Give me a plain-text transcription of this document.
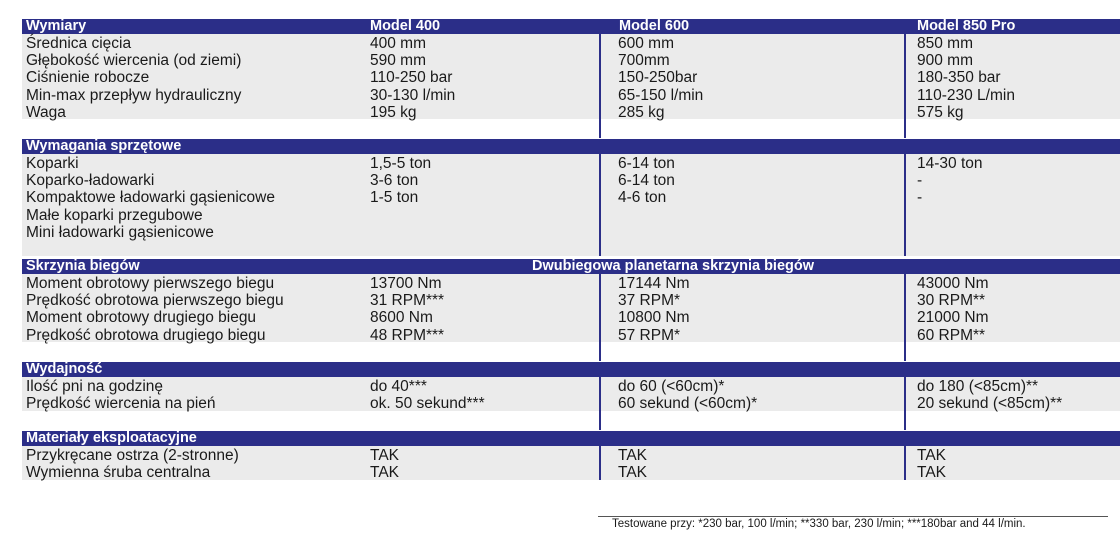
Wymiary	Model 400	Model 600	Model 850 Pro
Wymagania sprzętowe
Skrzynia biegów	Dwubiegowa planetarna skrzynia biegów
Wydajność
Materiały eksploatacyjne
Średnica cięcia	400 mm	600 mm	850 mm
Głębokość wiercenia (od ziemi)	590 mm	700mm	900 mm
Ciśnienie robocze	110-250 bar	150-250bar	180-350 bar
Min-max przepływ hydrauliczny	30-130 l/min	65-150 l/min	110-230 L/min
Waga	195 kg	285 kg	575 kg
Koparki	1,5-5 ton	6-14 ton	14-30 ton
Koparko-ładowarki	3-6 ton	6-14 ton	-
Kompaktowe ładowarki gąsienicowe	1-5 ton	4-6 ton	-
Małe koparki przegubowe
Mini ładowarki gąsienicowe
Moment obrotowy pierwszego biegu	13700 Nm	17144 Nm	43000 Nm
Prędkość obrotowa pierwszego biegu	31 RPM***	37 RPM*	30 RPM**
Moment obrotowy drugiego biegu	8600 Nm	10800 Nm	21000 Nm
Prędkość obrotowa drugiego biegu	48 RPM***	57 RPM*	60 RPM**
Ilość pni na godzinę	do 40***	do 60 (<60cm)*	do 180 (<85cm)**
Prędkość wiercenia na pień	ok. 50 sekund***	60 sekund (<60cm)*	20 sekund (<85cm)**
Przykręcane ostrza (2-stronne)	TAK	TAK	TAK
Wymienna śruba centralna	TAK	TAK	TAK
Testowane przy: *230 bar, 100 l/min; **330 bar, 230 l/min; ***180bar and 44 l/min.
